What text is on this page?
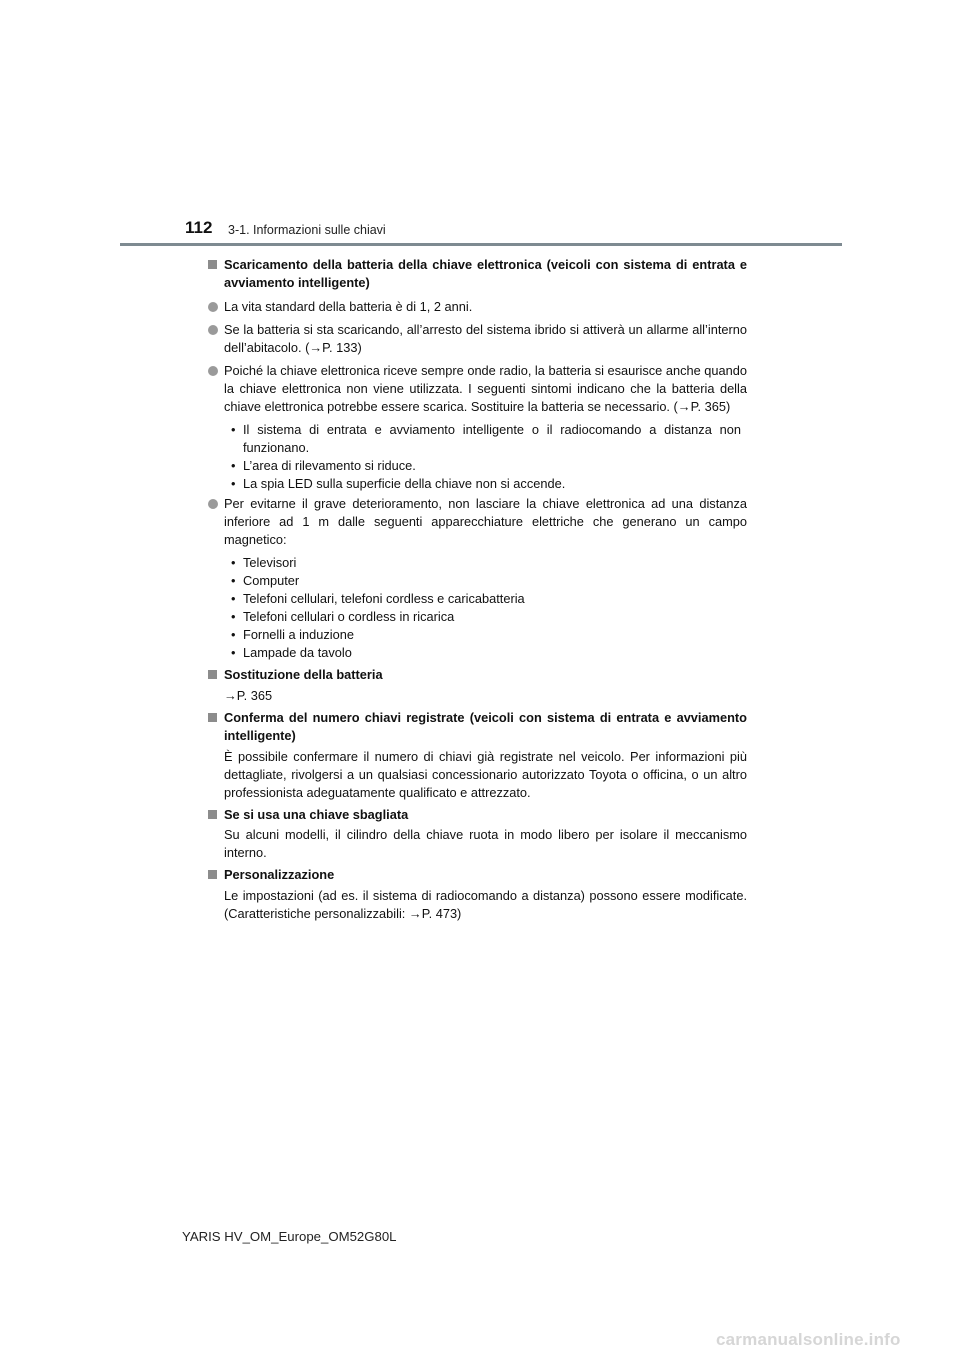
112 3-1. Informazioni sulle chiavi
Scaricamento della batteria della chiave elettronica (veicoli con sistema di entrata e avviamento intelligente)
La vita standard della batteria è di 1, 2 anni.
Se la batteria si sta scaricando, all’arresto del sistema ibrido si attiverà un allarme all’interno dell’abitacolo. (→P. 133)
Poiché la chiave elettronica riceve sempre onde radio, la batteria si esaurisce anche quando la chiave elettronica non viene utilizzata. I seguenti sintomi indicano che la batteria della chiave elettronica potrebbe essere scarica. Sostituire la batteria se necessario. (→P. 365)
• Il sistema di entrata e avviamento intelligente o il radiocomando a distanza non funzionano.
• L’area di rilevamento si riduce.
• La spia LED sulla superficie della chiave non si accende.
Per evitarne il grave deterioramento, non lasciare la chiave elettronica ad una distanza inferiore ad 1 m dalle seguenti apparecchiature elettriche che generano un campo magnetico:
• Televisori
• Computer
• Telefoni cellulari, telefoni cordless e caricabatteria
• Telefoni cellulari o cordless in ricarica
• Fornelli a induzione
• Lampade da tavolo
Sostituzione della batteria
→P. 365
Conferma del numero chiavi registrate (veicoli con sistema di entrata e avviamento intelligente)
È possibile confermare il numero di chiavi già registrate nel veicolo. Per informazioni più dettagliate, rivolgersi a un qualsiasi concessionario autorizzato Toyota o officina, o un altro professionista adeguatamente qualificato e attrezzato.
Se si usa una chiave sbagliata
Su alcuni modelli, il cilindro della chiave ruota in modo libero per isolare il meccanismo interno.
Personalizzazione
Le impostazioni (ad es. il sistema di radiocomando a distanza) possono essere modificate. (Caratteristiche personalizzabili: →P. 473)
YARIS HV_OM_Europe_OM52G80L
carmanualsonline.info
